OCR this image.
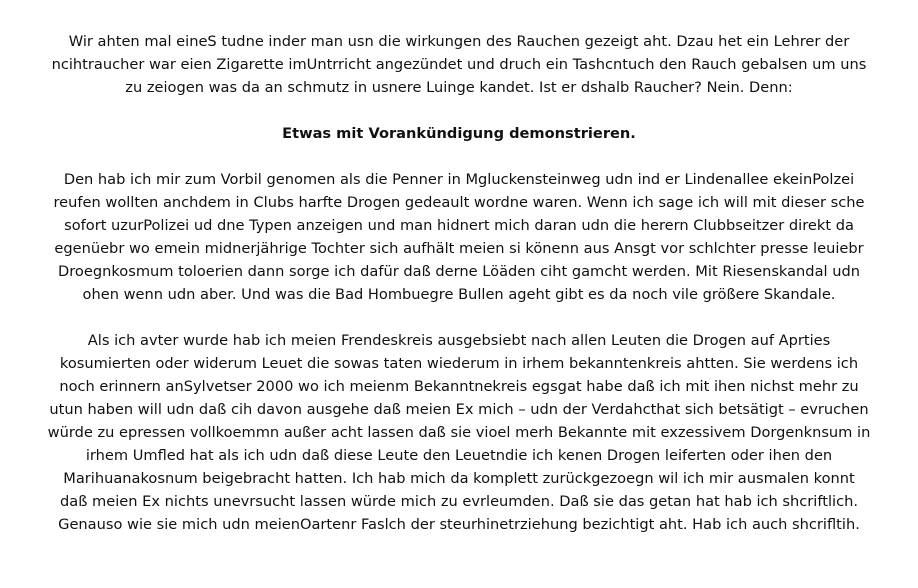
Wir ahten mal eineS tudne inder man usn die wirkungen des Rauchen gezeigt aht. Dzau het ein Lehrer der
ncihtraucher war eien Zigarette imUntrricht angezündet und druch ein Tashcntuch den Rauch gebalsen um uns
zu zeiogen was da an schmutz in usnere Luinge kandet. Ist er dshalb Raucher? Nein. Denn:

Etwas mit Vorankündigung demonstrieren.

Den hab ich mir zum Vorbil genomen als die Penner in Mgluckensteinweg udn ind er Lindenallee ekeinPolzei
reufen wollten anchdem in Clubs harfte Drogen gedeault wordne waren. Wenn ich sage ich will mit dieser sche
sofort uzurPolizei ud dne Typen anzeigen und man hidnert mich daran udn die herern Clubbseitzer direkt da
egenüebr wo emein midnerjährige Tochter sich aufhält meien si könenn aus Ansgt vor schlchter presse leuiebr
Droegnkosmum toloerien dann sorge ich dafür daß derne Löäden ciht gamcht werden. Mit Riesenskandal udn
ohen wenn udn aber. Und was die Bad Hombuegre Bullen ageht gibt es da noch vile größere Skandale.

Als ich avter wurde hab ich meien Frendeskreis ausgebsiebt nach allen Leuten die Drogen auf Aprties
kosumierten oder widerum Leuet die sowas taten wiederum in irhem bekanntenkreis ahtten. Sie werdens ich
noch erinnern anSylvetser 2000 wo ich meienm Bekanntnekreis egsgat habe daß ich mit ihen nichst mehr zu
utun haben will udn daß cih davon ausgehe daß meien Ex mich – udn der Verdahcthat sich betsätigt – evruchen
würde zu epressen vollkoemmn außer acht lassen daß sie vioel merh Bekannte mit exzessivem Dorgenknsum in
irhem Umfled hat als ich udn daß diese Leute den Leuetndie ich kenen Drogen leiferten oder ihen den
Marihuanakosnum beigebracht hatten. Ich hab mich da komplett zurückgezoegn wil ich mir ausmalen konnt
daß meien Ex nichts unevrsucht lassen würde mich zu evrleumden. Daß sie das getan hat hab ich shcriftlich.
Genauso wie sie mich udn meienOartenr Faslch der steurhinetrziehung bezichtigt aht. Hab ich auch shcrifltih.
